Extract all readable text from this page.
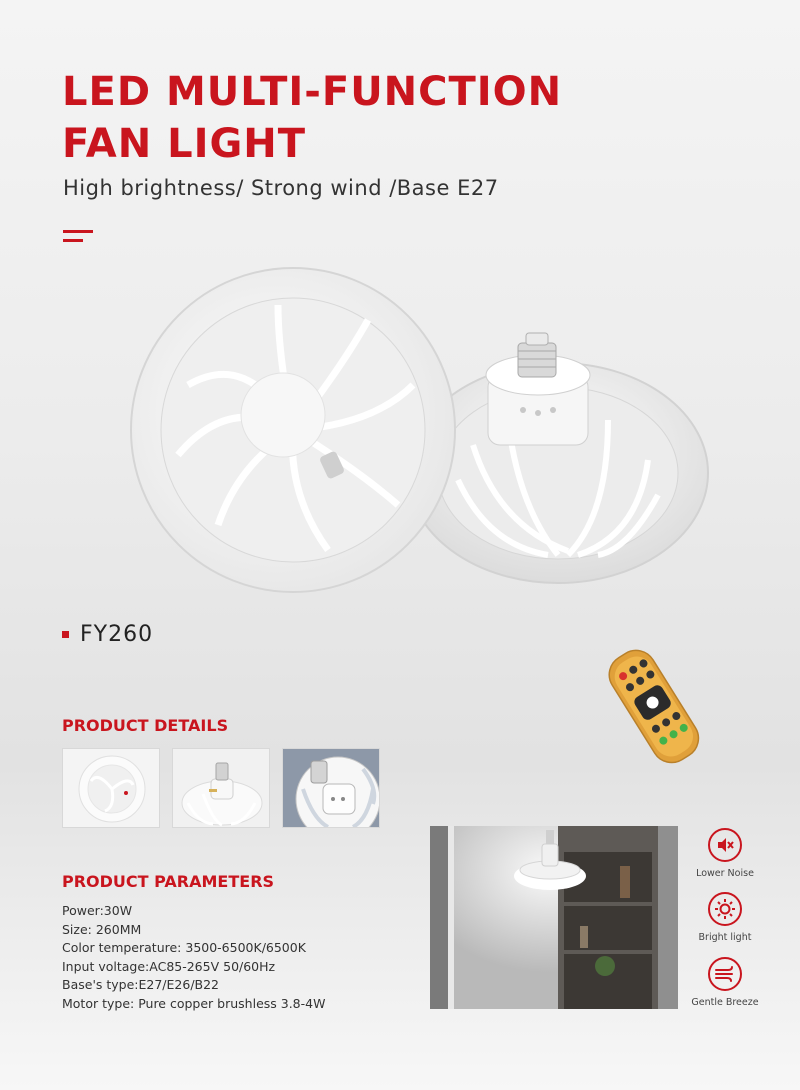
LED MULTI-FUNCTION
FAN LIGHT
High brightness/ Strong wind /Base E27
FY260
PRODUCT DETAILS
PRODUCT PARAMETERS
Power:30W
Size: 260MM
Color temperature: 3500-6500K/6500K
Input voltage:AC85-265V 50/60Hz
Base's type:E27/E26/B22
Motor type: Pure copper brushless 3.8-4W
Lower Noise
Bright light
Gentle Breeze
